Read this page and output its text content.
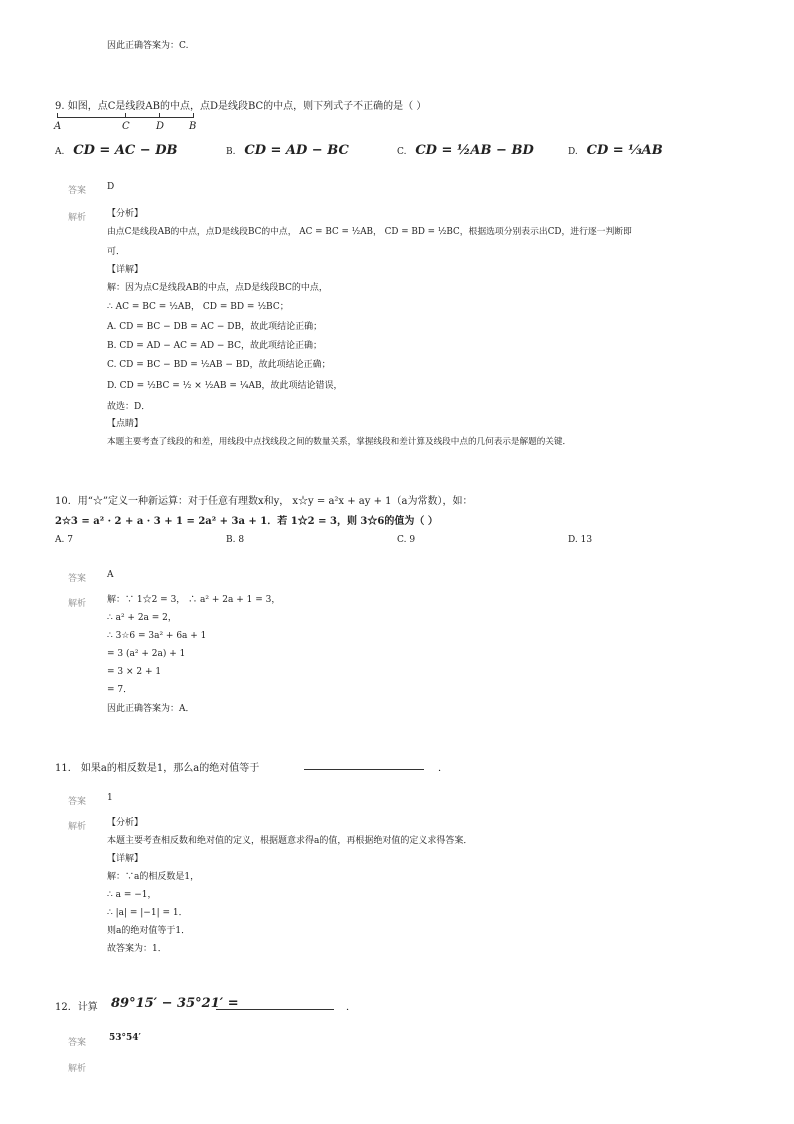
因此正确答案为：C.
9. 如图，点C是线段AB的中点，点D是线段BC的中点，则下列式子不正确的是（ ）
A	C	D B
A. CD = AC − DB	B. CD = AD − BC	C. CD = ½AB − BD	D. CD = ⅓AB
答案 D
解析 【分析】
由点C是线段AB的中点，点D是线段BC的中点， AC = BC = ½AB， CD = BD = ½BC，根据选项分别表示出CD，进行逐一判断即
可．
【详解】
解：因为点C是线段AB的中点，点D是线段BC的中点，
∴ AC = BC = ½AB， CD = BD = ½BC；
A. CD = BC − DB = AC − DB，故此项结论正确；
B. CD = AD − AC = AD − BC，故此项结论正确；
C. CD = BC − BD = ½AB − BD，故此项结论正确；
D. CD = ½BC = ½ × ½AB = ¼AB，故此项结论错误，
故选：D．
【点睛】
本题主要考查了线段的和差，用线段中点找线段之间的数量关系，掌握线段和差计算及线段中点的几何表示是解题的关键．
10．用“☆”定义一种新运算：对于任意有理数x和y， x☆y = a²x + ay + 1（a为常数），如：
2☆3 = a² · 2 + a · 3 + 1 = 2a² + 3a + 1．若 1☆2 = 3，则 3☆6的值为（ ）
A. 7	B. 8	C. 9	D. 13
答案 A
解析 解：∵ 1☆2 = 3， ∴ a² + 2a + 1 = 3，
∴ a² + 2a = 2，
∴ 3☆6 = 3a² + 6a + 1
= 3 (a² + 2a) + 1
= 3 × 2 + 1
= 7．
因此正确答案为：A．
11． 如果a的相反数是1，那么a的绝对值等于	．
答案 1
解析 【分析】
本题主要考查相反数和绝对值的定义，根据题意求得a的值，再根据绝对值的定义求得答案．
【详解】
解：∵a的相反数是1，
∴ a = −1，
∴ |a| = |−1| = 1．
则a的绝对值等于1．
故答案为：1．
12．计算 89°15′ − 35°21′ =	．
答案	53°54′
解析
